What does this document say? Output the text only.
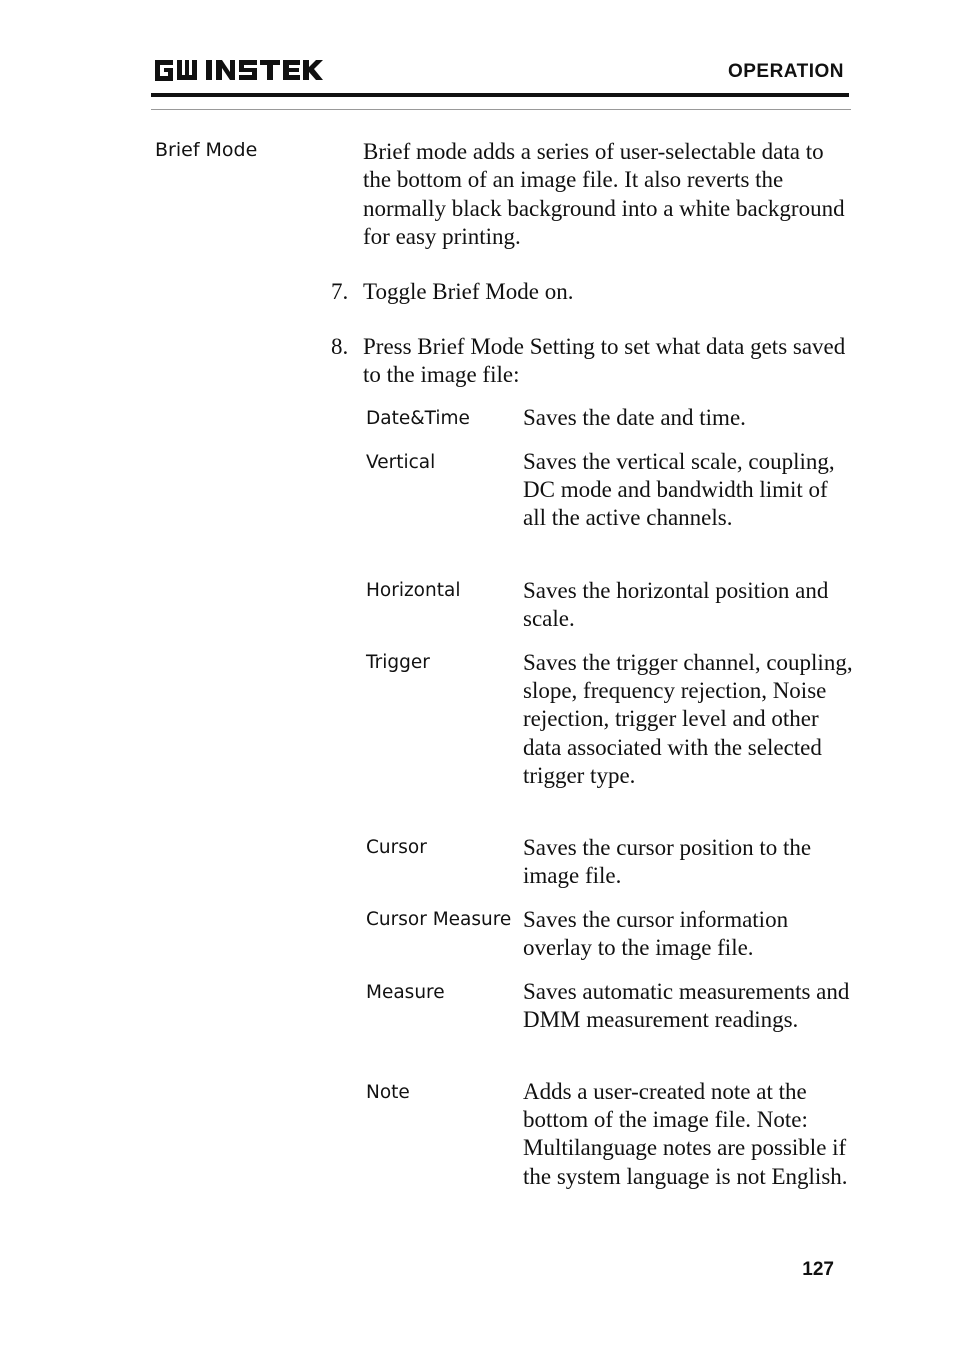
OPERATION
Brief Mode	Brief mode adds a series of user-selectable data to the bottom of an image file. It also reverts the normally black background into a white background for easy printing.
7. Toggle Brief Mode on.
8. Press Brief Mode Setting to set what data gets saved to the image file:
Date&Time Saves the date and time.
Vertical	Saves the vertical scale, coupling, DC mode and bandwidth limit of all the active channels.
Horizontal	Saves the horizontal position and scale.
Trigger	Saves the trigger channel, coupling, slope, frequency rejection, Noise rejection, trigger level and other data associated with the selected trigger type.
Cursor	Saves the cursor position to the image file.
Cursor Measure Saves the cursor information overlay to the image file.
Measure	Saves automatic measurements and DMM measurement readings.
Note	Adds a user-created note at the bottom of the image file. Note: Multilanguage notes are possible if the system language is not English.
127
